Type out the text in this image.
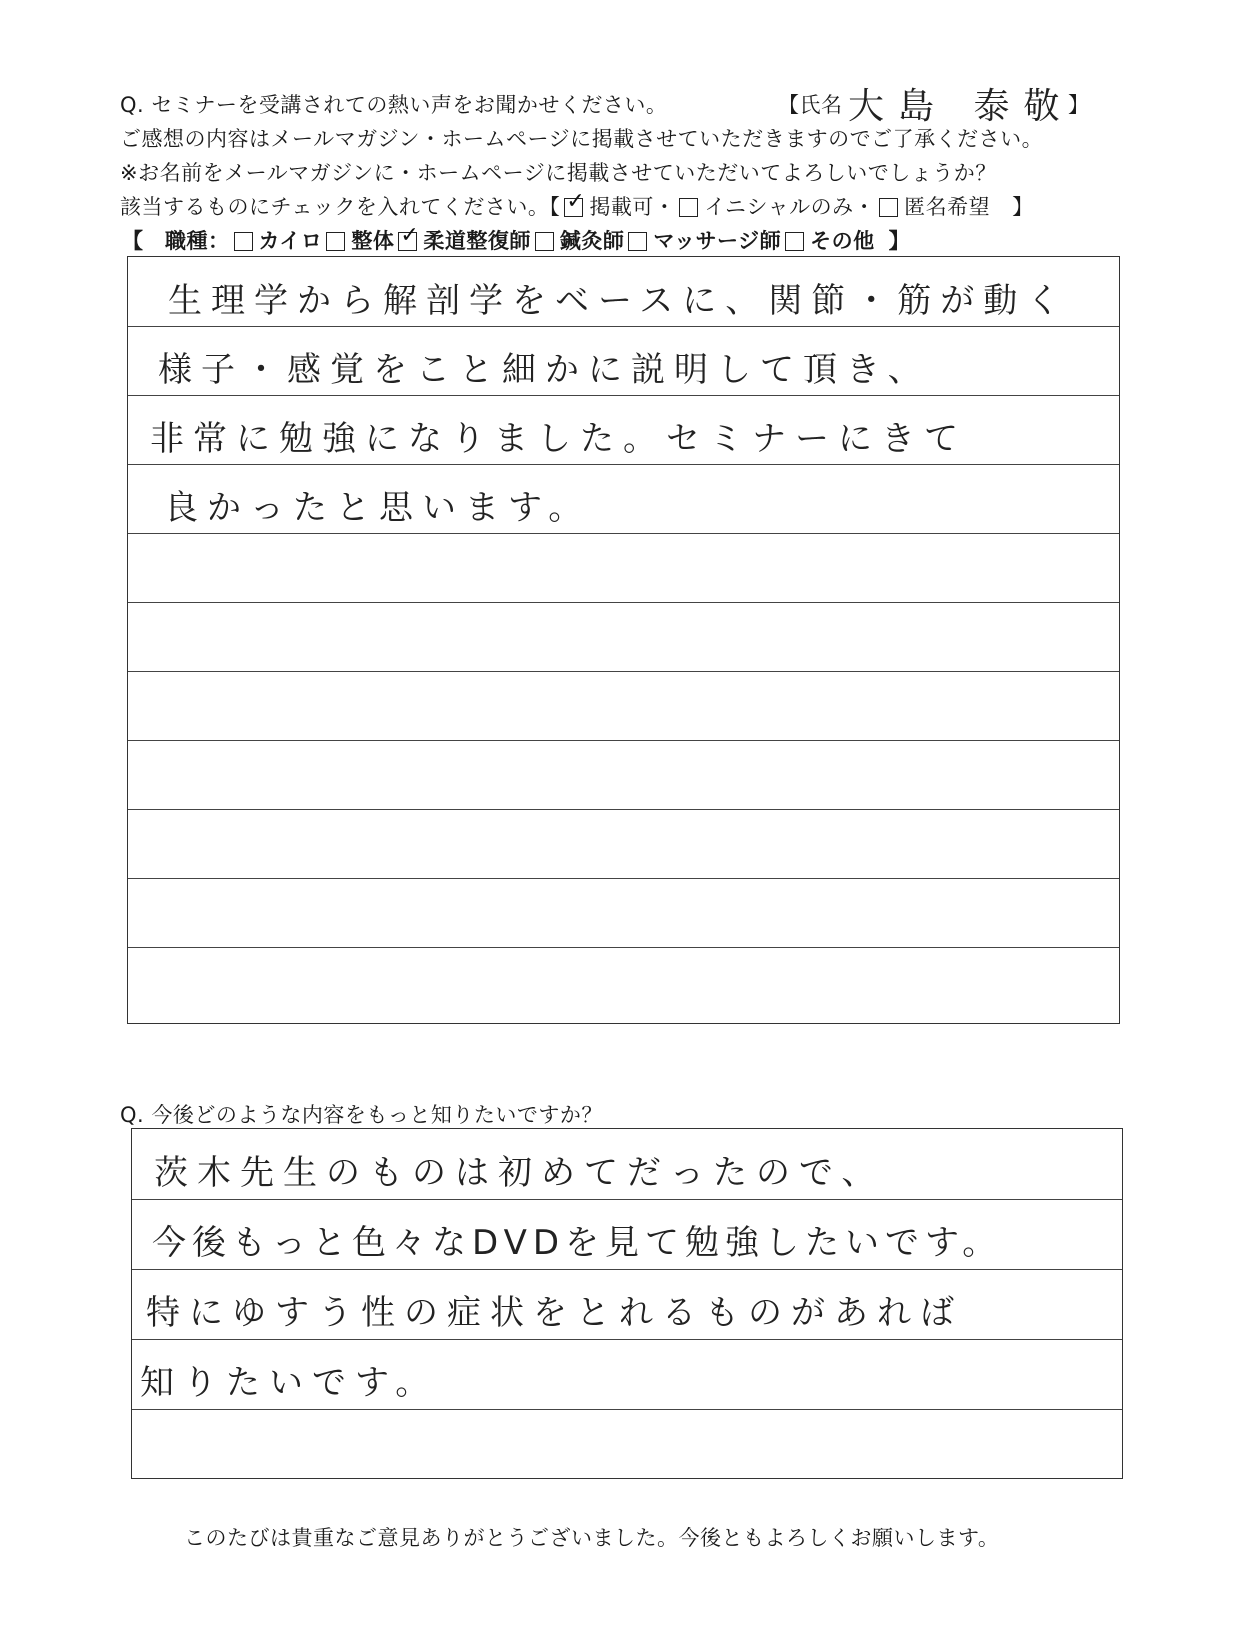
Q. セミナーを受講されての熱い声をお聞かせください。	【氏名 大島 泰敬
】
ご感想の内容はメールマガジン・ホームページに掲載させていただきますのでご了承ください。
※お名前をメールマガジンに・ホームページに掲載させていただいてよろしいでしょうか？
該当するものにチェックを入れてください。【 ✓ 掲載可・ イニシャルのみ・ 匿名希望 】
【　職種： カイロ 整体 ✓ 柔道整復師 鍼灸師 マッサージ師 その他 】
生理学から解剖学をベースに、関節・筋が動く
様子・感覚をこと細かに説明して頂き、
非常に勉強になりました。セミナーにきて
良かったと思います。
Q. 今後どのような内容をもっと知りたいですか？
茨木先生のものは初めてだったので、
今後もっと色々なDVDを見て勉強したいです。
特にゆすう性の症状をとれるものがあれば
知りたいです。
このたびは貴重なご意見ありがとうございました。今後ともよろしくお願いします。
